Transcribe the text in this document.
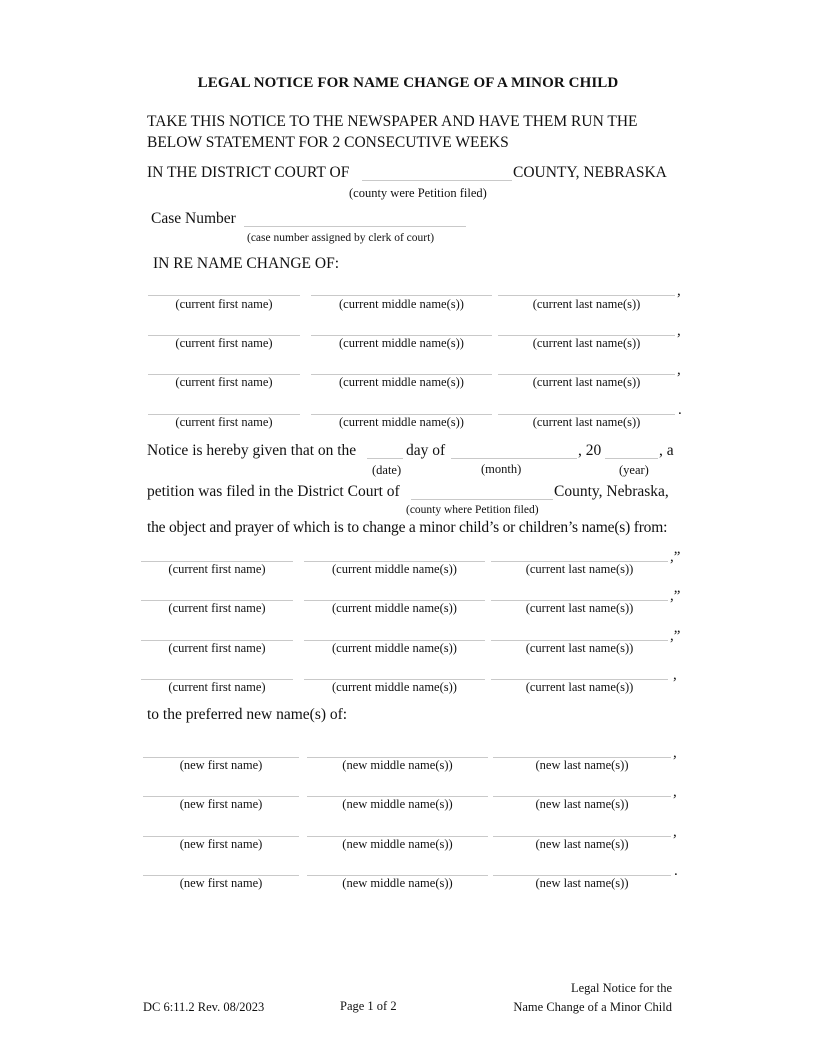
LEGAL NOTICE FOR NAME CHANGE OF A MINOR CHILD
TAKE THIS NOTICE TO THE NEWSPAPER AND HAVE THEM RUN THE
BELOW STATEMENT FOR 2 CONSECUTIVE WEEKS
IN THE DISTRICT COURT OF	COUNTY, NEBRASKA
(county were Petition filed)
Case Number
(case number assigned by clerk of court)
IN RE NAME CHANGE OF:
,
(current first name)	(current middle name(s))	(current last name(s))
,
(current first name)	(current middle name(s))	(current last name(s))
,
(current first name)	(current middle name(s))	(current last name(s))
.
(current first name)	(current middle name(s))	(current last name(s))
Notice is hereby given that on the	day of	, 20	, a
(date)	(month)	(year)
petition was filed in the District Court of	County, Nebraska,
(county where Petition filed)
the object and prayer of which is to change a minor child’s or children’s name(s) from:
,”
(current first name)	(current middle name(s))	(current last name(s))
,”
(current first name)	(current middle name(s))	(current last name(s))
,”
(current first name)	(current middle name(s))	(current last name(s))
,
(current first name)	(current middle name(s))	(current last name(s))
to the preferred new name(s) of:
,
(new first name)	(new middle name(s))	(new last name(s))
,
(new first name)	(new middle name(s))	(new last name(s))
,
(new first name)	(new middle name(s))	(new last name(s))
.
(new first name)	(new middle name(s))	(new last name(s))
DC 6:11.2 Rev. 08/2023	Page 1 of 2
Legal Notice for the
Name Change of a Minor Child
